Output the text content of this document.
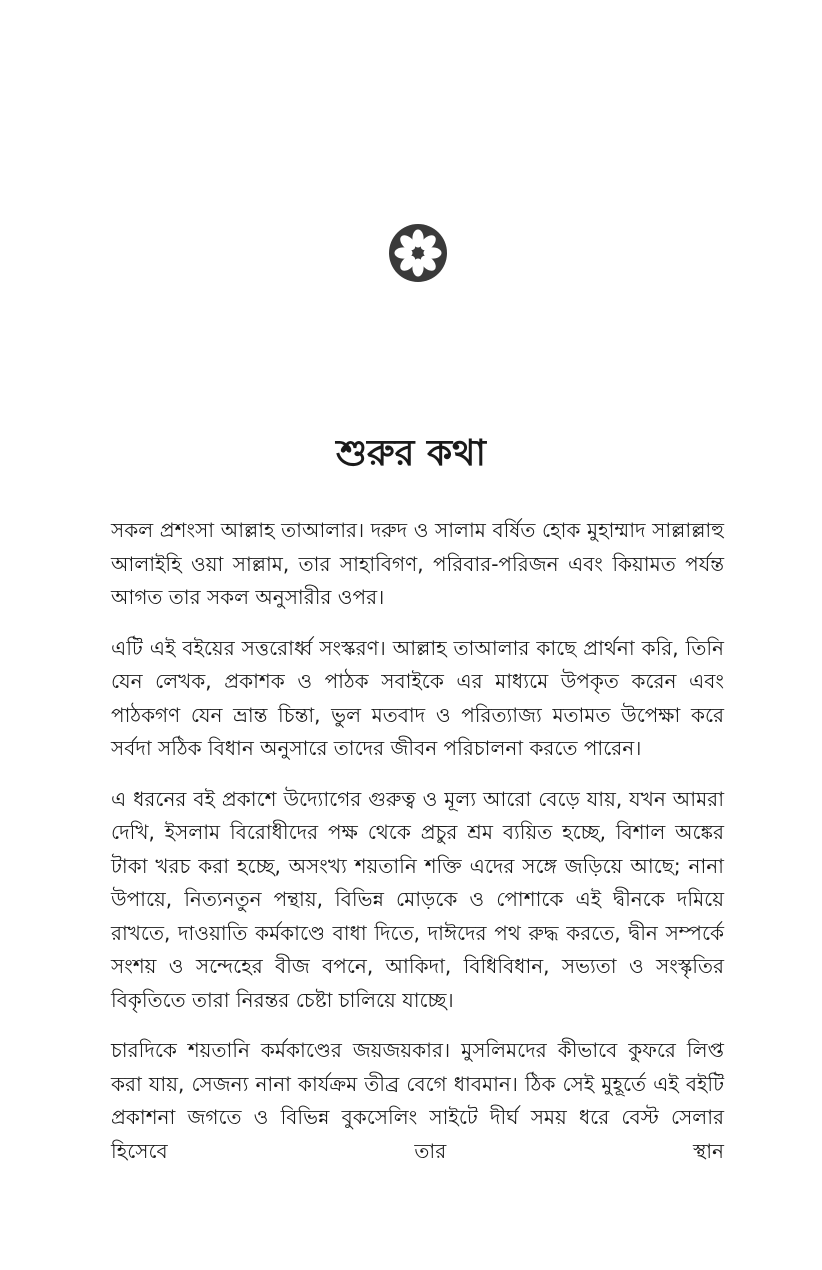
শুরুর কথা

সকল প্রশংসা আল্লাহ তাআলার। দরুদ ও সালাম বর্ষিত হোক মুহাম্মাদ সাল্লাল্লাহু আলাইহি ওয়া সাল্লাম, তার সাহাবিগণ, পরিবার-পরিজন এবং কিয়ামত পর্যন্ত আগত তার সকল অনুসারীর ওপর।

এটি এই বইয়ের সত্তরোর্ধ্ব সংস্করণ। আল্লাহ তাআলার কাছে প্রার্থনা করি, তিনি যেন লেখক, প্রকাশক ও পাঠক সবাইকে এর মাধ্যমে উপকৃত করেন এবং পাঠকগণ যেন ভ্রান্ত চিন্তা, ভুল মতবাদ ও পরিত্যাজ্য মতামত উপেক্ষা করে সর্বদা সঠিক বিধান অনুসারে তাদের জীবন পরিচালনা করতে পারেন।

এ ধরনের বই প্রকাশে উদ্যোগের গুরুত্ব ও মূল্য আরো বেড়ে যায়, যখন আমরা দেখি, ইসলাম বিরোধীদের পক্ষ থেকে প্রচুর শ্রম ব্যয়িত হচ্ছে, বিশাল অঙ্কের টাকা খরচ করা হচ্ছে, অসংখ্য শয়তানি শক্তি এদের সঙ্গে জড়িয়ে আছে; নানা উপায়ে, নিত্যনতুন পন্থায়, বিভিন্ন মোড়কে ও পোশাকে এই দ্বীনকে দমিয়ে রাখতে, দাওয়াতি কর্মকাণ্ডে বাধা দিতে, দাঈদের পথ রুদ্ধ করতে, দ্বীন সম্পর্কে সংশয় ও সন্দেহের বীজ বপনে, আকিদা, বিধিবিধান, সভ্যতা ও সংস্কৃতির বিকৃতিতে তারা নিরন্তর চেষ্টা চালিয়ে যাচ্ছে।

চারদিকে শয়তানি কর্মকাণ্ডের জয়জয়কার। মুসলিমদের কীভাবে কুফরে লিপ্ত করা যায়, সেজন্য নানা কার্যক্রম তীব্র বেগে ধাবমান। ঠিক সেই মুহূর্তে এই বইটি প্রকাশনা জগতে ও বিভিন্ন বুকসেলিং সাইটে দীর্ঘ সময় ধরে বেস্ট সেলার হিসেবে তার স্থান
